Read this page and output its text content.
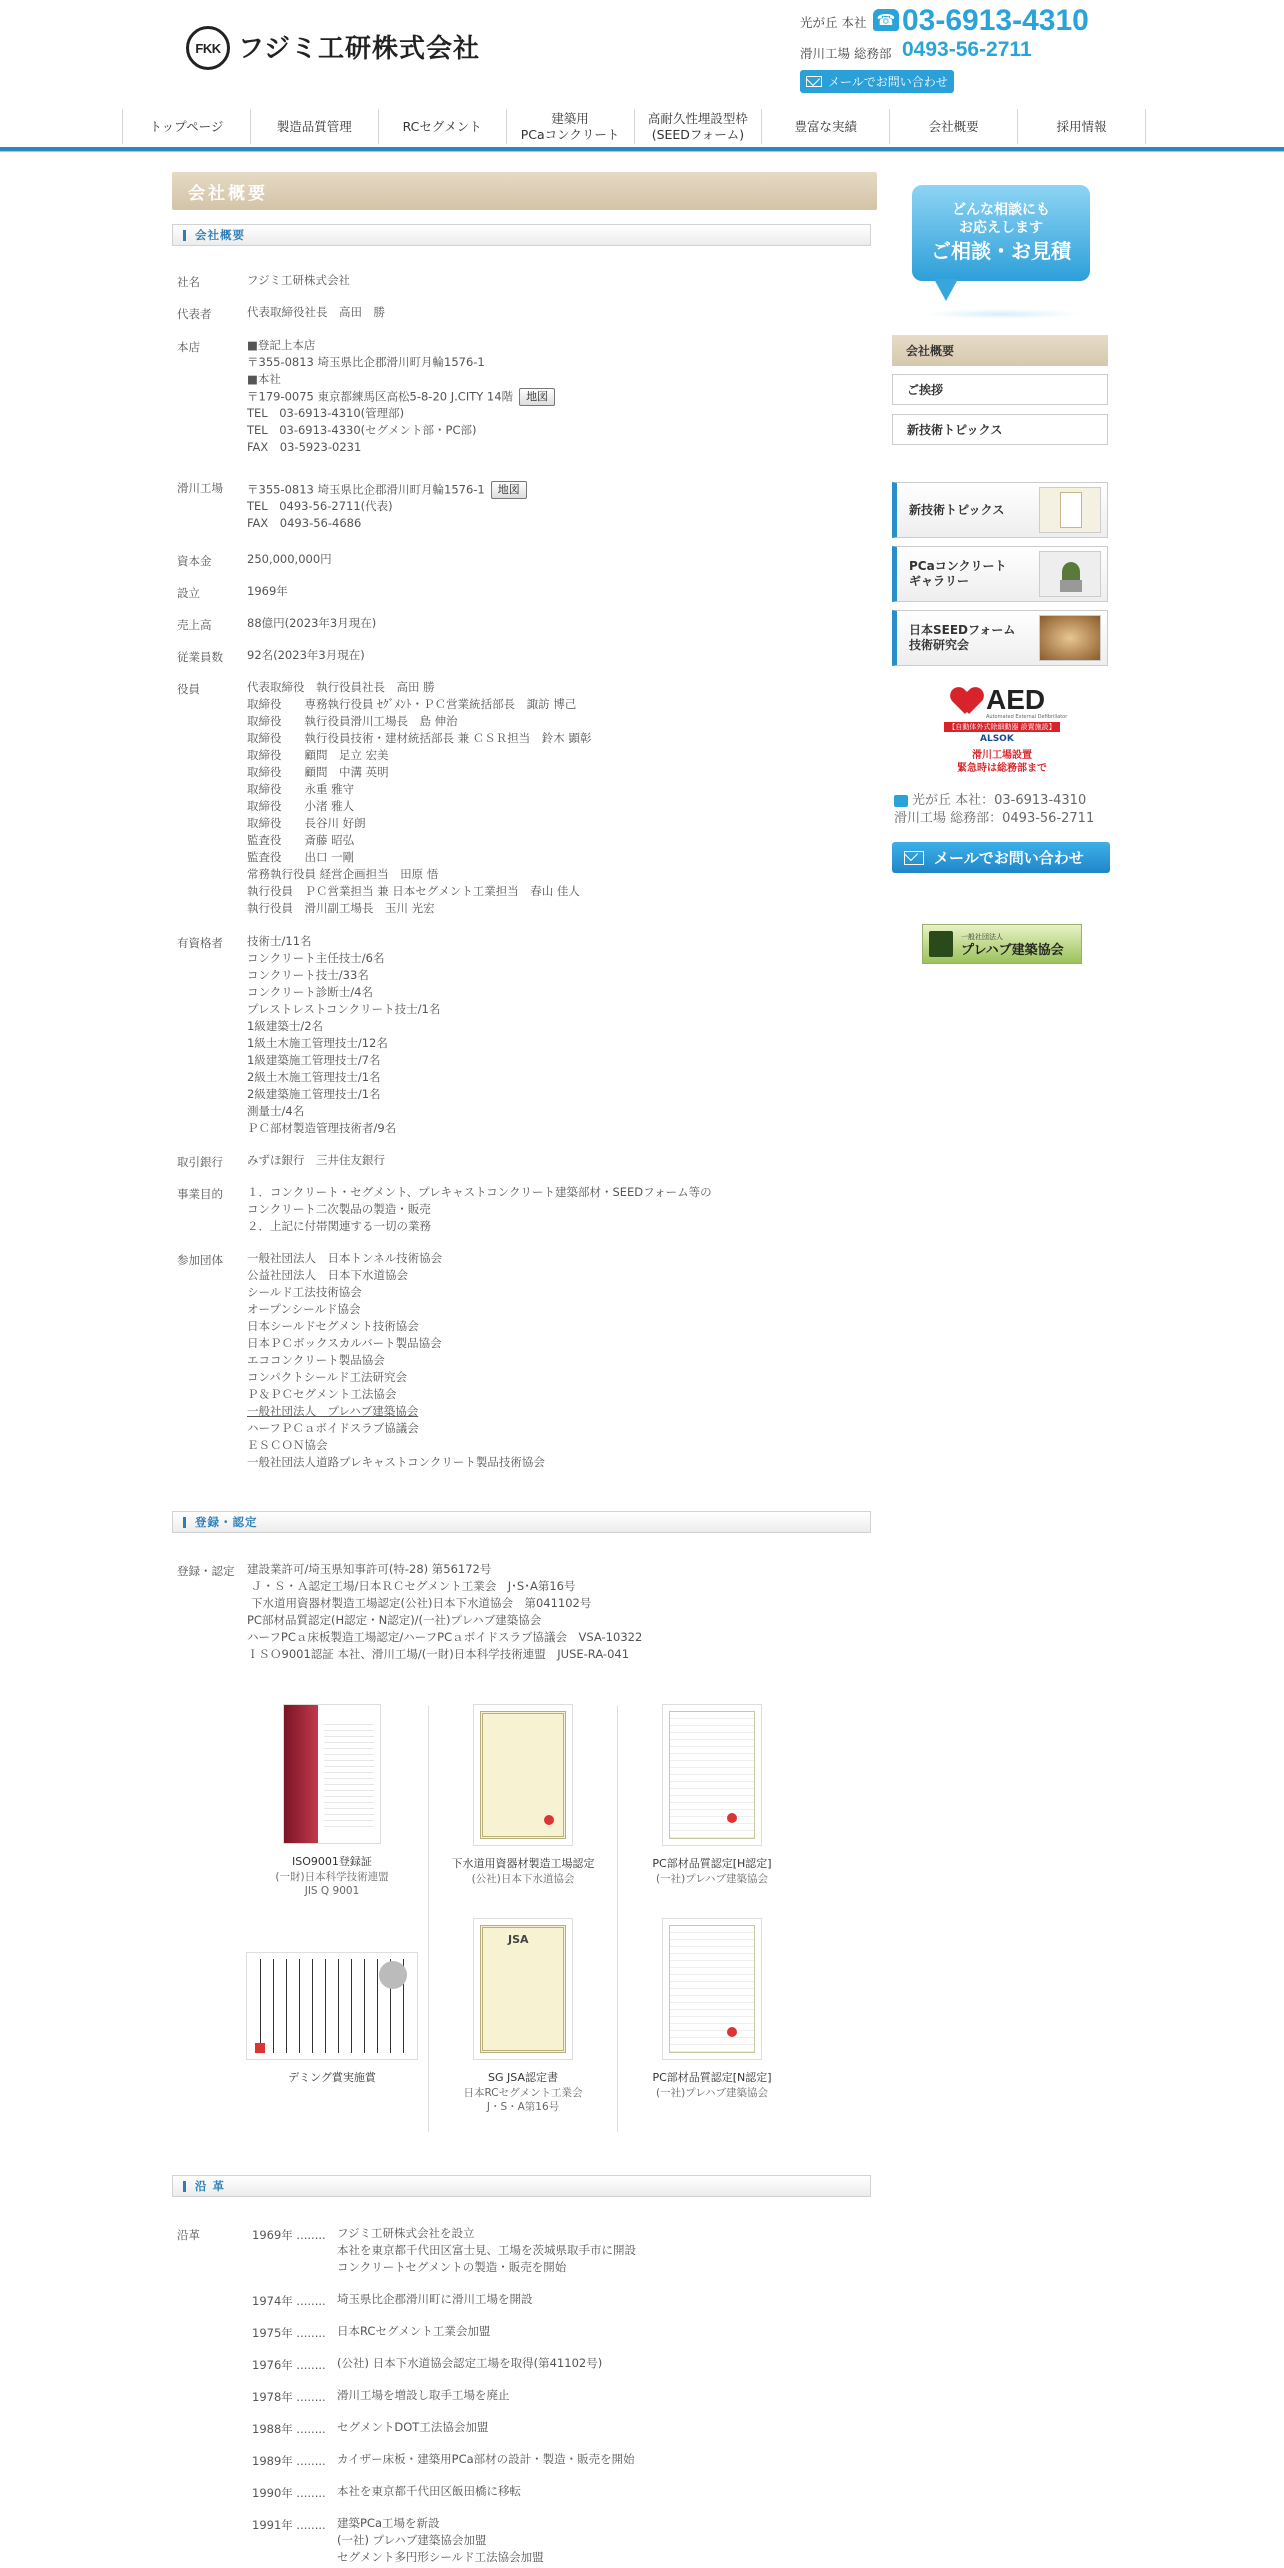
FKK フジミ工研株式会社
光が丘 本社 ☎ 03-6913-4310
滑川工場 総務部 0493-56-2711
メールでお問い合わせ
トップページ	製造品質管理	RCセグメント
建築用
PCaコンクリート
高耐久性埋設型枠
(SEEDフォーム)
豊富な実績	会社概要	採用情報
会社概要
会社概要
社名	フジミ工研株式会社
代表者	代表取締役社長　高田　勝
本店	■登記上本店
〒355-0813 埼玉県比企郡滑川町月輪1576-1
■本社
〒179-0075 東京都練馬区高松5-8-20 J.CITY 14階 地図
TEL　03-6913-4310(管理部)
TEL　03-6913-4330(セグメント部・PC部)
FAX　03-5923-0231
滑川工場 〒355-0813 埼玉県比企郡滑川町月輪1576-1 地図
TEL　0493-56-2711(代表)
FAX　0493-56-4686
資本金	250,000,000円
設立	1969年
売上高	88億円(2023年3月現在)
従業員数 92名(2023年3月現在)
役員	代表取締役　執行役員社長　高田 勝
取締役　　専務執行役員 ｾｸﾞﾒﾝﾄ・ＰＣ営業統括部長　諏訪 博己
取締役　　執行役員滑川工場長　島 伸治
取締役　　執行役員技術・建材統括部長 兼 ＣＳＲ担当　鈴木 顕彰
取締役　　顧問　足立 宏美
取締役　　顧問　中溝 英明
取締役　　永重 雅守
取締役　　小渚 雅人
取締役　　長谷川 好朗
監査役　　斎藤 昭弘
監査役　　出口 一剛
常務執行役員 経営企画担当　田原 悟
執行役員　ＰＣ営業担当 兼 日本セグメント工業担当　春山 佳人
執行役員　滑川副工場長　玉川 光宏
有資格者 技術士/11名
コンクリート主任技士/6名
コンクリート技士/33名
コンクリート診断士/4名
プレストレストコンクリート技士/1名
1級建築士/2名
1級土木施工管理技士/12名
1級建築施工管理技士/7名
2級土木施工管理技士/1名
2級建築施工管理技士/1名
測量士/4名
ＰＣ部材製造管理技術者/9名
取引銀行 みずほ銀行　三井住友銀行
事業目的 １．コンクリート・セグメント、プレキャストコンクリート建築部材・SEEDフォーム等の
コンクリート二次製品の製造・販売
２．上記に付帯関連する一切の業務
参加団体 一般社団法人　日本トンネル技術協会
公益社団法人　日本下水道協会
シールド工法技術協会
オープンシールド協会
日本シールドセグメント技術協会
日本ＰＣボックスカルバート製品協会
エココンクリート製品協会
コンパクトシールド工法研究会
Ｐ＆ＰＣセグメント工法協会
一般社団法人　プレハブ建築協会
ハーフＰＣａボイドスラブ協議会
ＥＳＣＯＮ協会
一般社団法人道路プレキャストコンクリート製品技術協会
登録・認定
登録・認定 建設業許可/埼玉県知事許可(特-28) 第56172号
Ｊ・Ｓ・Ａ認定工場/日本ＲＣセグメント工業会　J･S･A第16号
下水道用資器材製造工場認定(公社)日本下水道協会　第041102号
PC部材品質認定(H認定・N認定)/(一社)プレハブ建築協会
ハーフPCａ床板製造工場認定/ハーフPCａボイドスラブ協議会　VSA-10322
ＩＳＯ9001認証 本社、滑川工場/(一財)日本科学技術連盟　JUSE-RA-041
ISO9001登録証
(一財)日本科学技術連盟
JIS Q 9001
下水道用資器材製造工場認定
(公社)日本下水道協会
PC部材品質認定[H認定]
(一社)プレハブ建築協会
デミング賞実施賞
JSA
SG JSA認定書
日本RCセグメント工業会
J・S・A第16号
PC部材品質認定[N認定]
(一社)プレハブ建築協会
沿 革
沿革	1969年 ........ フジミ工研株式会社を設立
本社を東京都千代田区富士見、工場を茨城県取手市に開設
コンクリートセグメントの製造・販売を開始
1974年 ........ 埼玉県比企郡滑川町に滑川工場を開設
1975年 ........ 日本RCセグメント工業会加盟
1976年 ........ (公社) 日本下水道協会認定工場を取得(第41102号)
1978年 ........ 滑川工場を増設し取手工場を廃止
1988年 ........ セグメントDOT工法協会加盟
1989年 ........ カイザー床板・建築用PCa部材の設計・製造・販売を開始
1990年 ........ 本社を東京都千代田区飯田橋に移転
1991年 ........ 建築PCa工場を新設
(一社) プレハブ建築協会加盟
セグメント多円形シールド工法協会加盟
どんな相談にも
お応えします
ご相談・お見積
会社概要
ご挨拶
新技術トピックス
新技術トピックス
PCaコンクリート
ギャラリー
日本SEEDフォーム
技術研究会
AED
Automated External Defibrillator
【自動体外式除細動器 設置施設】
ALSOK
滑川工場設置
緊急時は総務部まで
光が丘 本社：03-6913-4310
滑川工場 総務部：0493-56-2711
メールでお問い合わせ
一般社団法人
プレハブ建築協会
